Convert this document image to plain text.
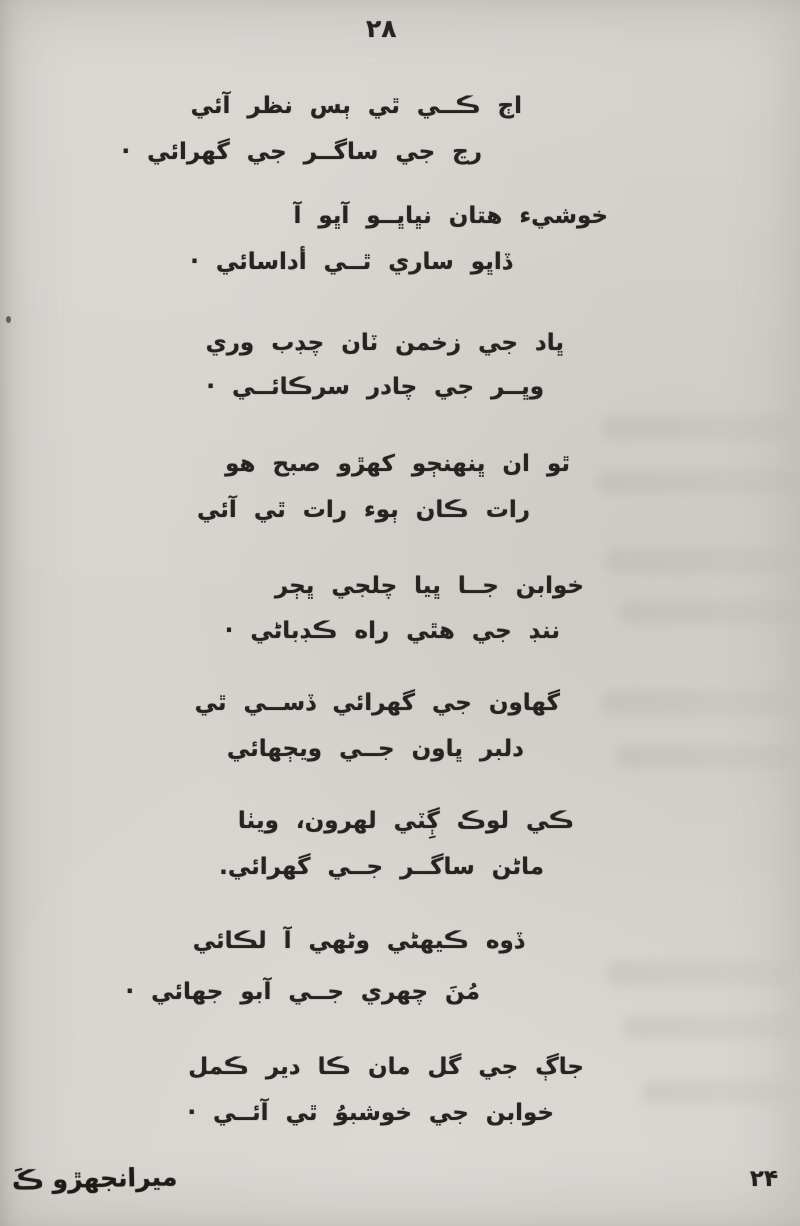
۲۸
اڄ ڪــي ٿي ٻس نظر آئي
رڃ جي ساگــر جي گهرائي ·
خوشيء هتان نڀاڀــو آڀو آ
ڏاڀو ساري ٿــي أداسائي ·
ڀاد جي زخمن ٽان چڊب وري
وڀــر جي چادر سرڪائــي ·
ٿو ان ڀنهنڄو کهڙو صبح هو
رات ڪان ٻوء رات ٿي آئي
خوابن جــا ڀيا چلجي ڀڄر
ننڊ جي هٿي راه ڪڊباڻي ·
گهاون جي گهرائي ڏســي ٿي
دلبر ڀاون جــي ويڄهائي
ڪي لوڪ ڳِٽي لهرون، ويٺا
ماڻن ساگــر جــي گهرائي.
ڏوه ڪيهڻي وڻهي آ لڪائي
مُنَ چهري جــي آبو جهائي ·
جاڳ جي گل مان ڪا دير ڪمل
خوابن جي خوشبوُ ٿي آئــي ·
ميرانجهڙو ڪَ	۲۴
